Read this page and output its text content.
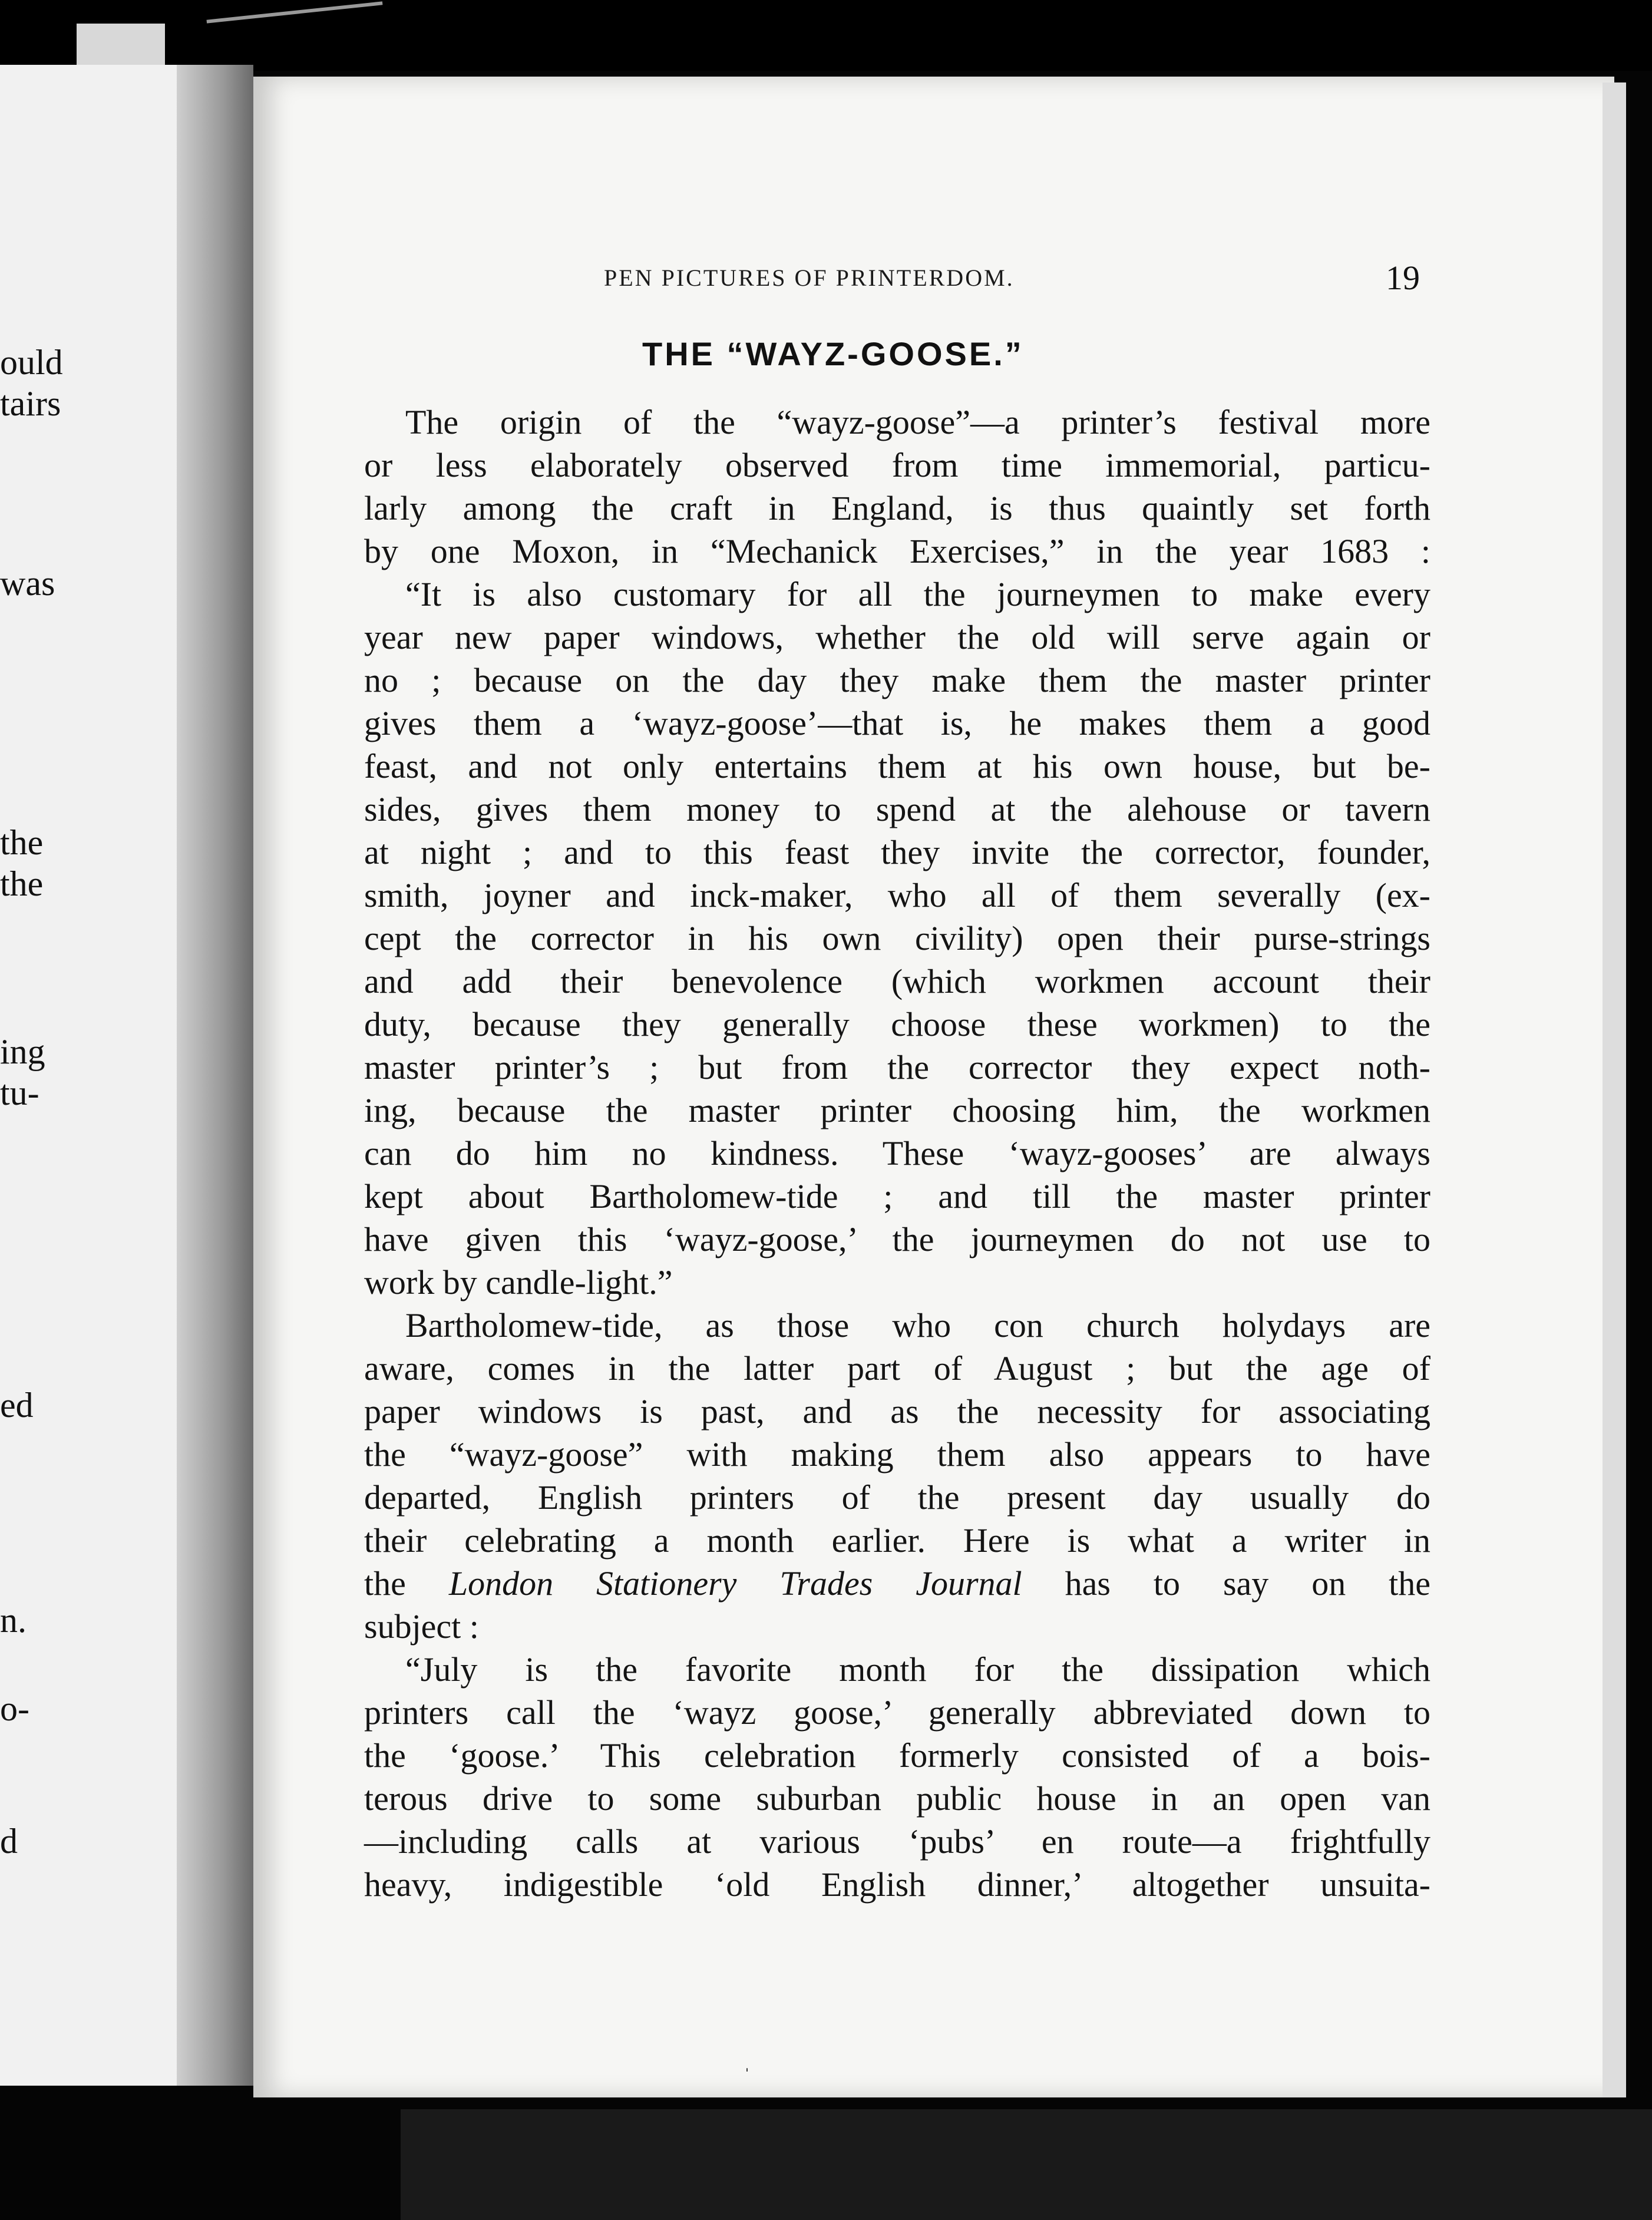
ould
tairs
was
the
the
ing
tu-
ed
n.
o-
d
PEN PICTURES OF PRINTERDOM.	19
THE “WAYZ-GOOSE.”
The origin of the “wayz-goose”—a printer’s festival more
or less elaborately observed from time immemorial, particu-
larly among the craft in England, is thus quaintly set forth
by one Moxon, in “Mechanick Exercises,” in the year 1683 :
“It is also customary for all the journeymen to make every
year new paper windows, whether the old will serve again or
no ; because on the day they make them the master printer
gives them a ‘wayz-goose’—that is, he makes them a good
feast, and not only entertains them at his own house, but be-
sides, gives them money to spend at the alehouse or tavern
at night ; and to this feast they invite the corrector, founder,
smith, joyner and inck-maker, who all of them severally (ex-
cept the corrector in his own civility) open their purse-strings
and add their benevolence (which workmen account their
duty, because they generally choose these workmen) to the
master printer’s ; but from the corrector they expect noth-
ing, because the master printer choosing him, the workmen
can do him no kindness. These ‘wayz-gooses’ are always
kept about Bartholomew-tide ; and till the master printer
have given this ‘wayz-goose,’ the journeymen do not use to
work by candle-light.”
Bartholomew-tide, as those who con church holydays are
aware, comes in the latter part of August ; but the age of
paper windows is past, and as the necessity for associating
the “wayz-goose” with making them also appears to have
departed, English printers of the present day usually do
their celebrating a month earlier. Here is what a writer in
the London Stationery Trades Journal has to say on the
subject :
“July is the favorite month for the dissipation which
printers call the ‘wayz goose,’ generally abbreviated down to
the ‘goose.’ This celebration formerly consisted of a bois-
terous drive to some suburban public house in an open van
—including calls at various ‘pubs’ en route—a frightfully
heavy, indigestible ‘old English dinner,’ altogether unsuita-
ˌ
